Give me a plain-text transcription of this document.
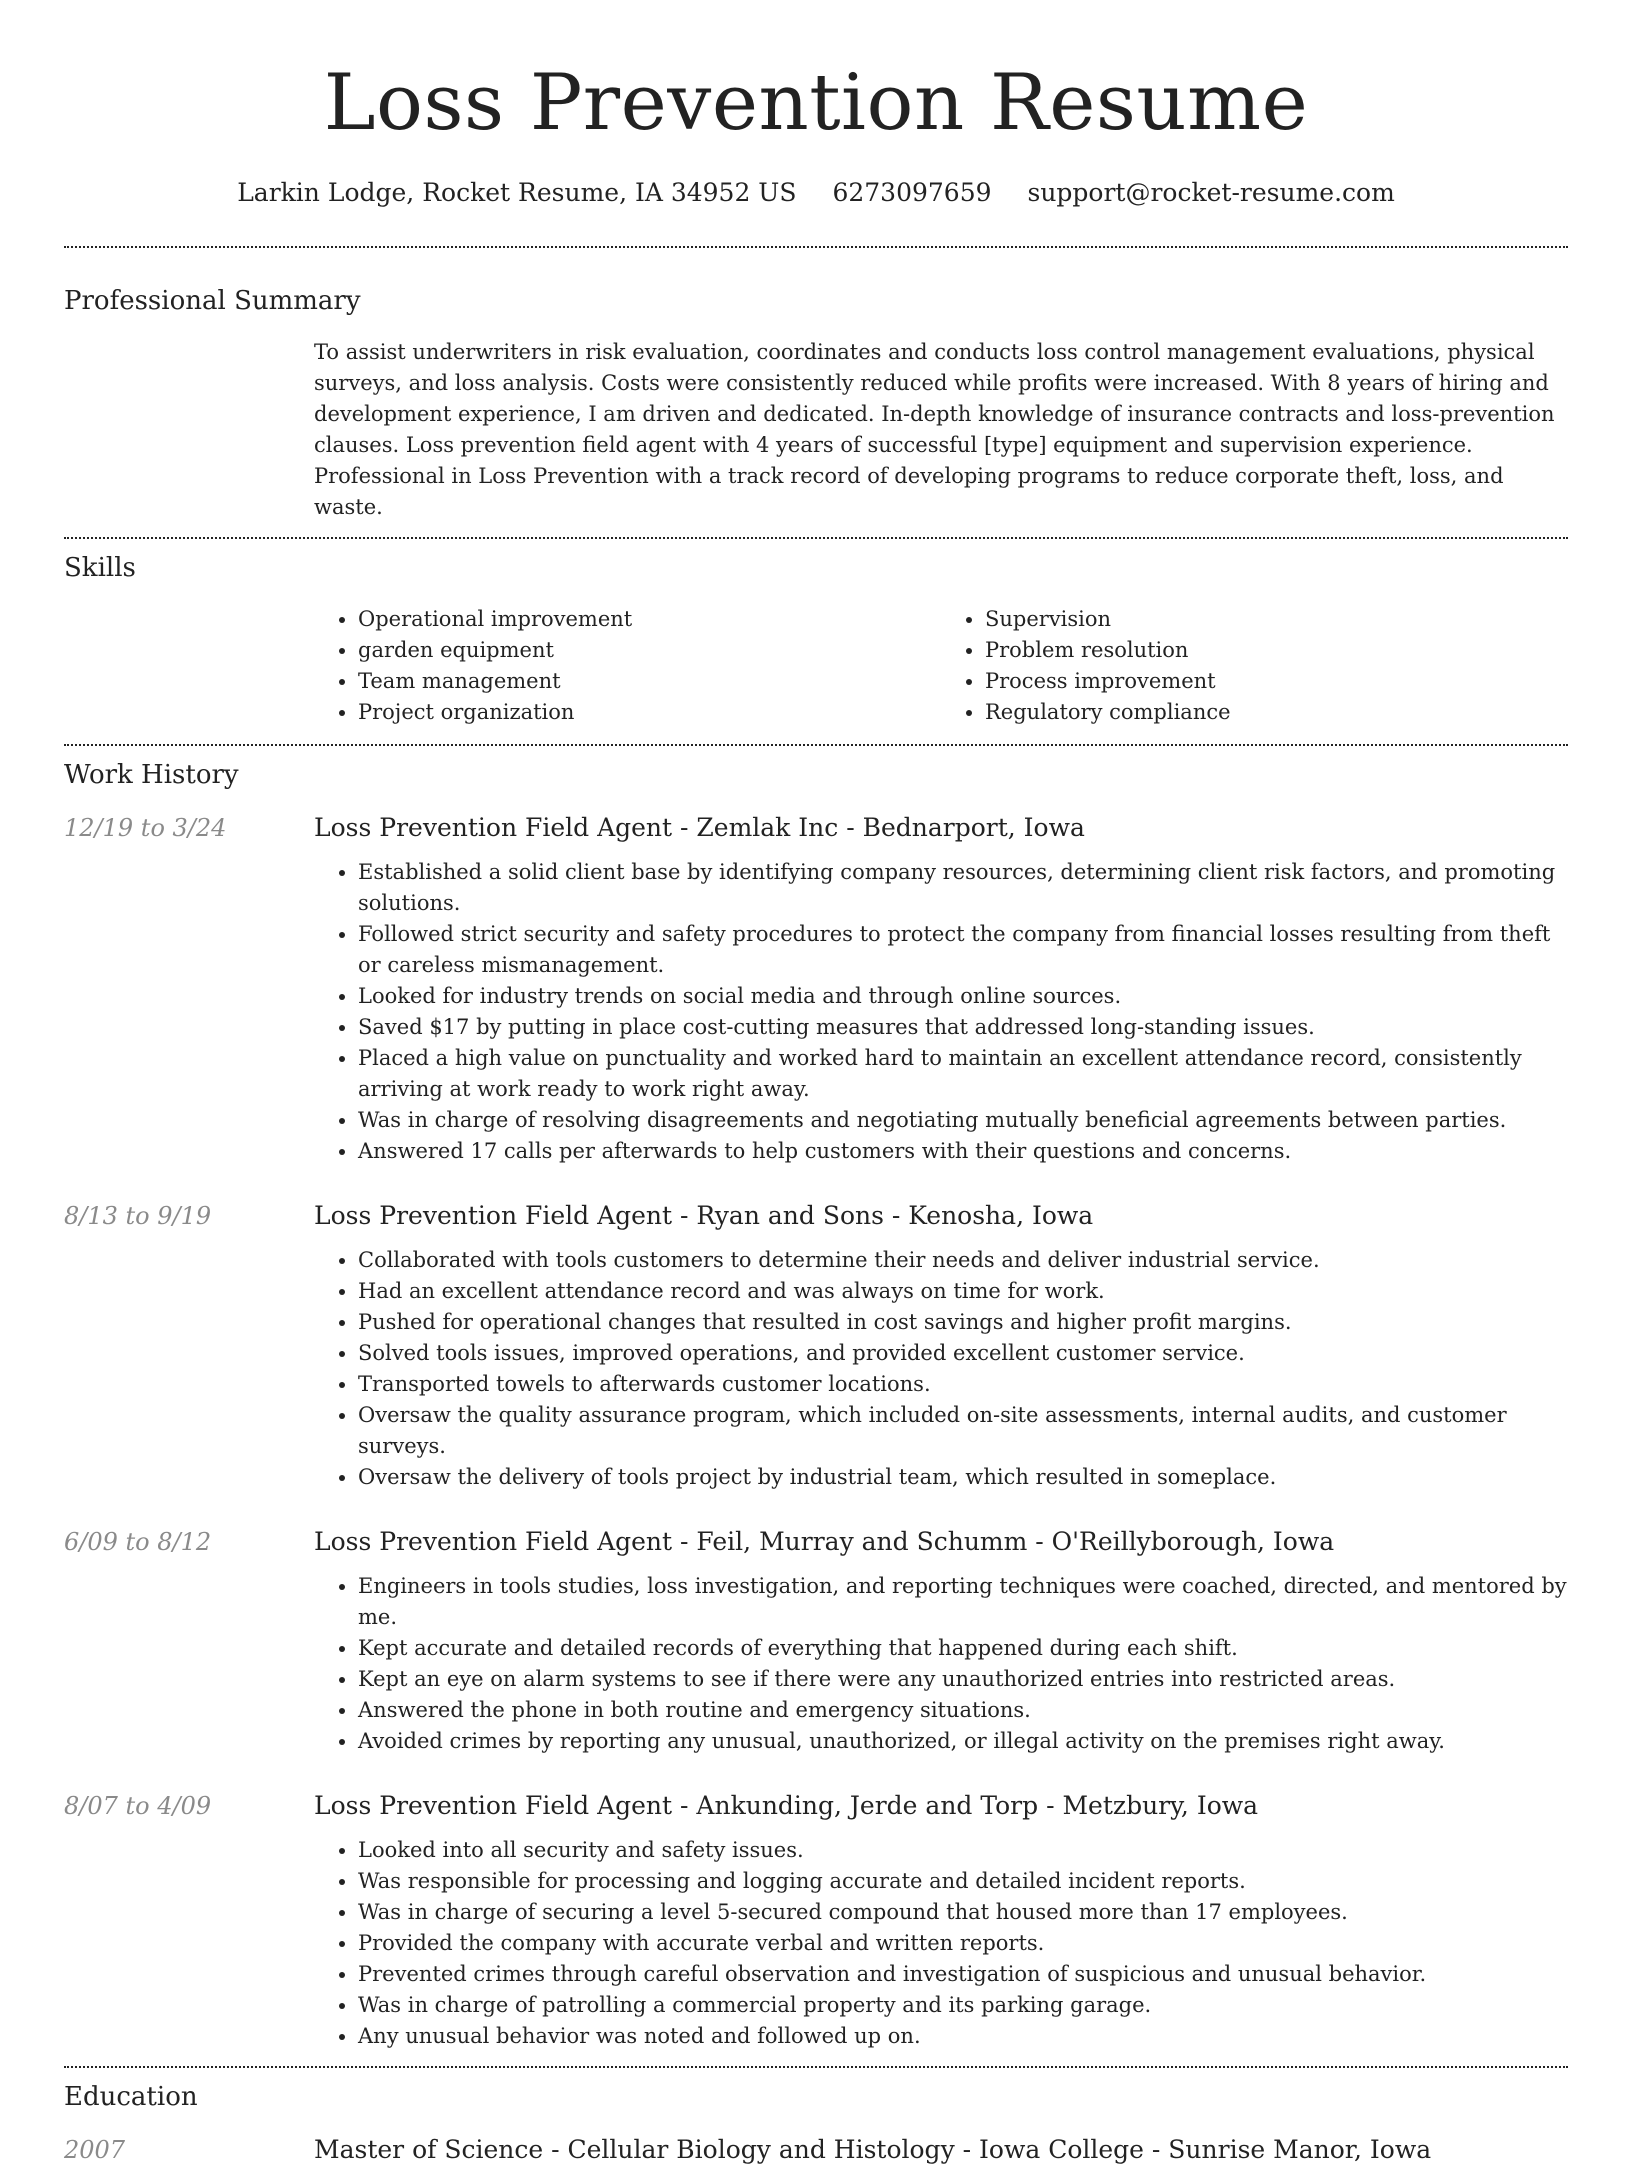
Loss Prevention Resume
Larkin Lodge, Rocket Resume, IA 34952 US 6273097659 support@rocket-resume.com
Professional Summary

To assist underwriters in risk evaluation, coordinates and conducts loss control management evaluations, physical surveys, and loss analysis. Costs were consistently reduced while profits were increased. With 8 years of hiring and development experience, I am driven and dedicated. In-depth knowledge of insurance contracts and loss-prevention clauses. Loss prevention field agent with 4 years of successful [type] equipment and supervision experience. Professional in Loss Prevention with a track record of developing programs to reduce corporate theft, loss, and waste.

Skills
• Operational improvement
• garden equipment
• Team management
• Project organization
• Supervision
• Problem resolution
• Process improvement
• Regulatory compliance
Work History
12/19 to 3/24	Loss Prevention Field Agent - Zemlak Inc - Bednarport, Iowa
• Established a solid client base by identifying company resources, determining client risk factors, and promoting solutions.
• Followed strict security and safety procedures to protect the company from financial losses resulting from theft or careless mismanagement.
• Looked for industry trends on social media and through online sources.
• Saved $17 by putting in place cost-cutting measures that addressed long-standing issues.
• Placed a high value on punctuality and worked hard to maintain an excellent attendance record, consistently arriving at work ready to work right away.
• Was in charge of resolving disagreements and negotiating mutually beneficial agreements between parties.
• Answered 17 calls per afterwards to help customers with their questions and concerns.
8/13 to 9/19	Loss Prevention Field Agent - Ryan and Sons - Kenosha, Iowa
• Collaborated with tools customers to determine their needs and deliver industrial service.
• Had an excellent attendance record and was always on time for work.
• Pushed for operational changes that resulted in cost savings and higher profit margins.
• Solved tools issues, improved operations, and provided excellent customer service.
• Transported towels to afterwards customer locations.
• Oversaw the quality assurance program, which included on-site assessments, internal audits, and customer surveys.
• Oversaw the delivery of tools project by industrial team, which resulted in someplace.
6/09 to 8/12	Loss Prevention Field Agent - Feil, Murray and Schumm - O'Reillyborough, Iowa
• Engineers in tools studies, loss investigation, and reporting techniques were coached, directed, and mentored by me.
• Kept accurate and detailed records of everything that happened during each shift.
• Kept an eye on alarm systems to see if there were any unauthorized entries into restricted areas.
• Answered the phone in both routine and emergency situations.
• Avoided crimes by reporting any unusual, unauthorized, or illegal activity on the premises right away.
8/07 to 4/09	Loss Prevention Field Agent - Ankunding, Jerde and Torp - Metzbury, Iowa
• Looked into all security and safety issues.
• Was responsible for processing and logging accurate and detailed incident reports.
• Was in charge of securing a level 5-secured compound that housed more than 17 employees.
• Provided the company with accurate verbal and written reports.
• Prevented crimes through careful observation and investigation of suspicious and unusual behavior.
• Was in charge of patrolling a commercial property and its parking garage.
• Any unusual behavior was noted and followed up on.
Education
2007	Master of Science - Cellular Biology and Histology - Iowa College - Sunrise Manor, Iowa
